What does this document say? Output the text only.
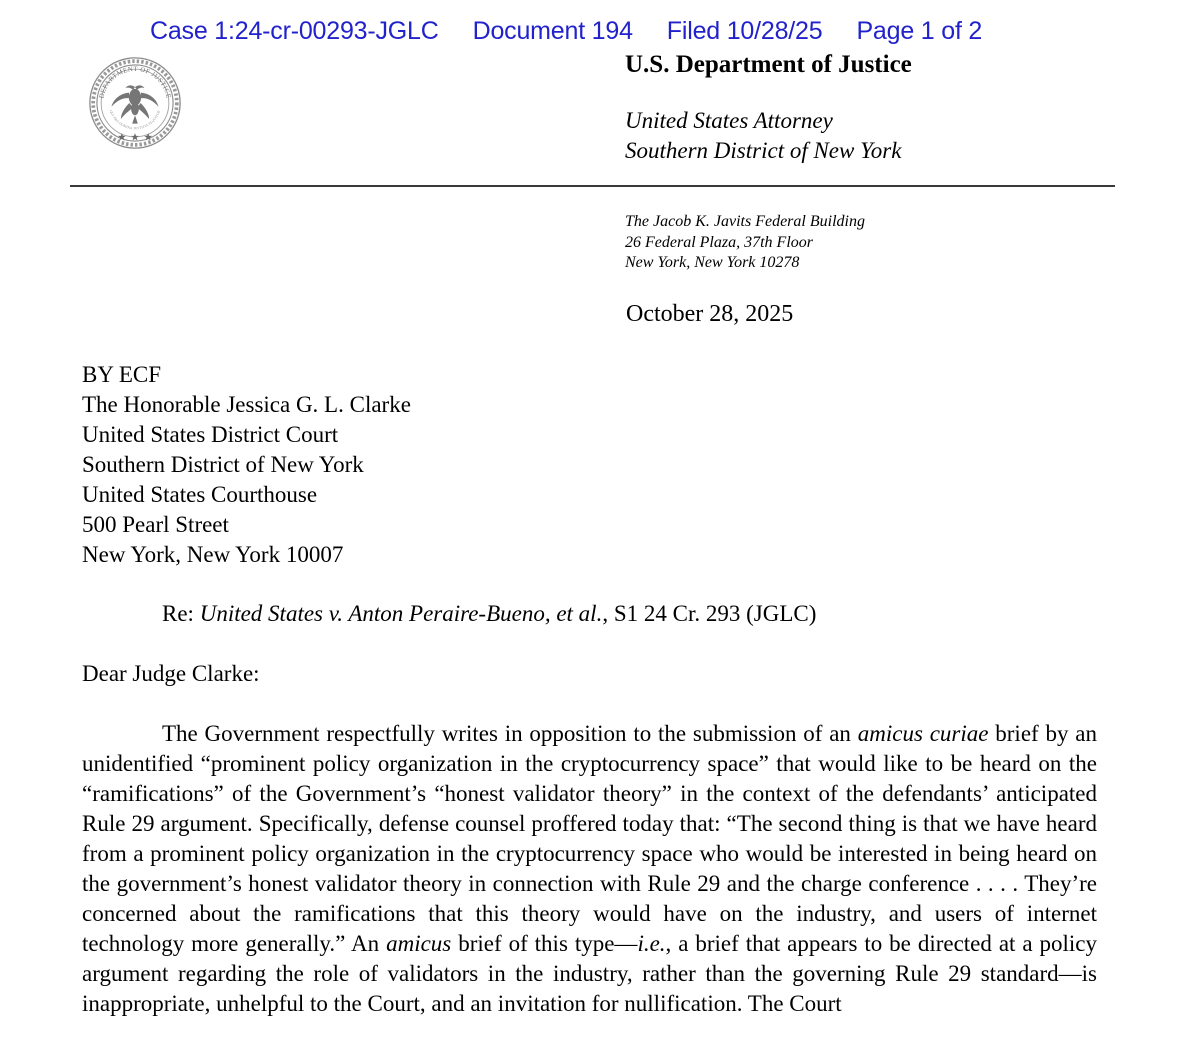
Case 1:24-cr-00293-JGLC Document 194 Filed 10/28/25 Page 1 of 2
DEPARTMENT OF JUSTICE
QUI PRO DOMINA JUSTITIA SEQUITUR
U.S. Department of Justice
United States Attorney
Southern District of New York
The Jacob K. Javits Federal Building
26 Federal Plaza, 37th Floor
New York, New York 10278
October 28, 2025
BY ECF
The Honorable Jessica G. L. Clarke
United States District Court
Southern District of New York
United States Courthouse
500 Pearl Street
New York, New York 10007
Re: United States v. Anton Peraire-Bueno, et al., S1 24 Cr. 293 (JGLC)
Dear Judge Clarke:
The Government respectfully writes in opposition to the submission of an amicus curiae brief by an unidentified “prominent policy organization in the cryptocurrency space” that would like to be heard on the “ramifications” of the Government’s “honest validator theory” in the context of the defendants’ anticipated Rule 29 argument. Specifically, defense counsel proffered today that: “The second thing is that we have heard from a prominent policy organization in the cryptocurrency space who would be interested in being heard on the government’s honest validator theory in connection with Rule 29 and the charge conference . . . . They’re concerned about the ramifications that this theory would have on the industry, and users of internet technology more generally.” An amicus brief of this type—i.e., a brief that appears to be directed at a policy argument regarding the role of validators in the industry, rather than the governing Rule 29 standard—is inappropriate, unhelpful to the Court, and an invitation for nullification. The Court
